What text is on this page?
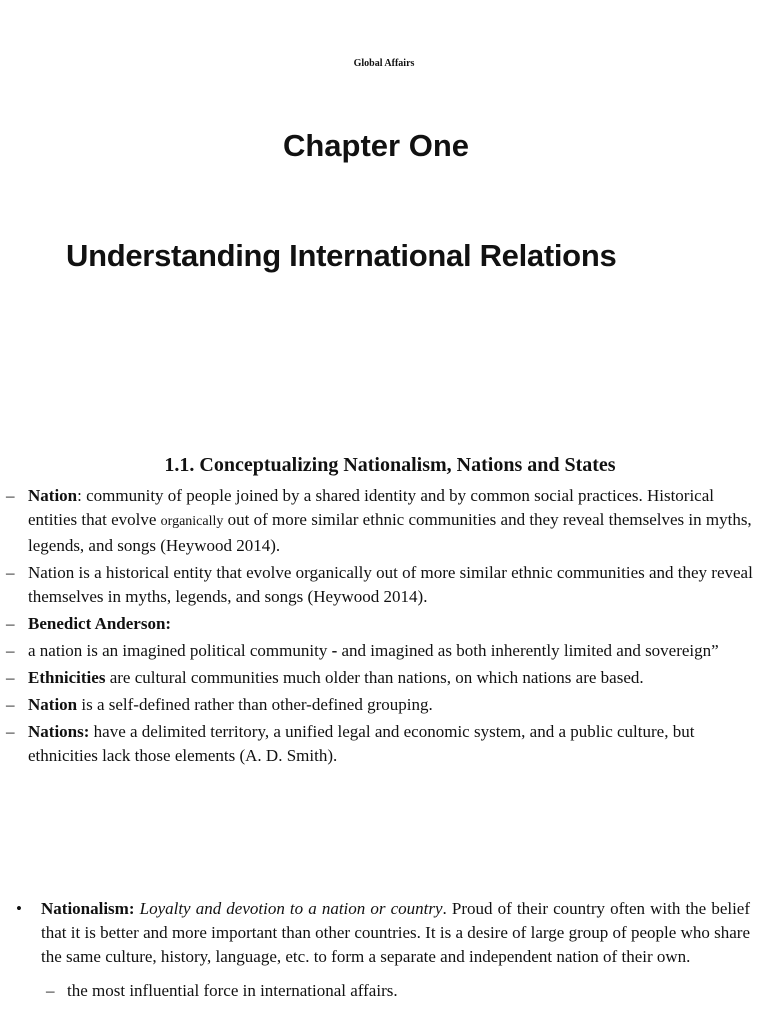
Global Affairs
Chapter One
Understanding International Relations
1.1. Conceptualizing Nationalism, Nations and States
– Nation: community of people joined by a shared identity and by common social practices. Historical entities that evolve organically out of more similar ethnic communities and they reveal themselves in myths, legends, and songs (Heywood 2014).
– Nation is a historical entity that evolve organically out of more similar ethnic communities and they reveal themselves in myths, legends, and songs (Heywood 2014).
– Benedict Anderson:
– a nation is an imagined political community - and imagined as both inherently limited and sovereign”
– Ethnicities are cultural communities much older than nations, on which nations are based.
– Nation is a self-defined rather than other-defined grouping.
– Nations: have a delimited territory, a unified legal and economic system, and a public culture, but ethnicities lack those elements (A. D. Smith).
• Nationalism: Loyalty and devotion to a nation or country. Proud of their country often with the belief that it is better and more important than other countries. It is a desire of large group of people who share the same culture, history, language, etc. to form a separate and independent nation of their own.
– the most influential force in international affairs.
